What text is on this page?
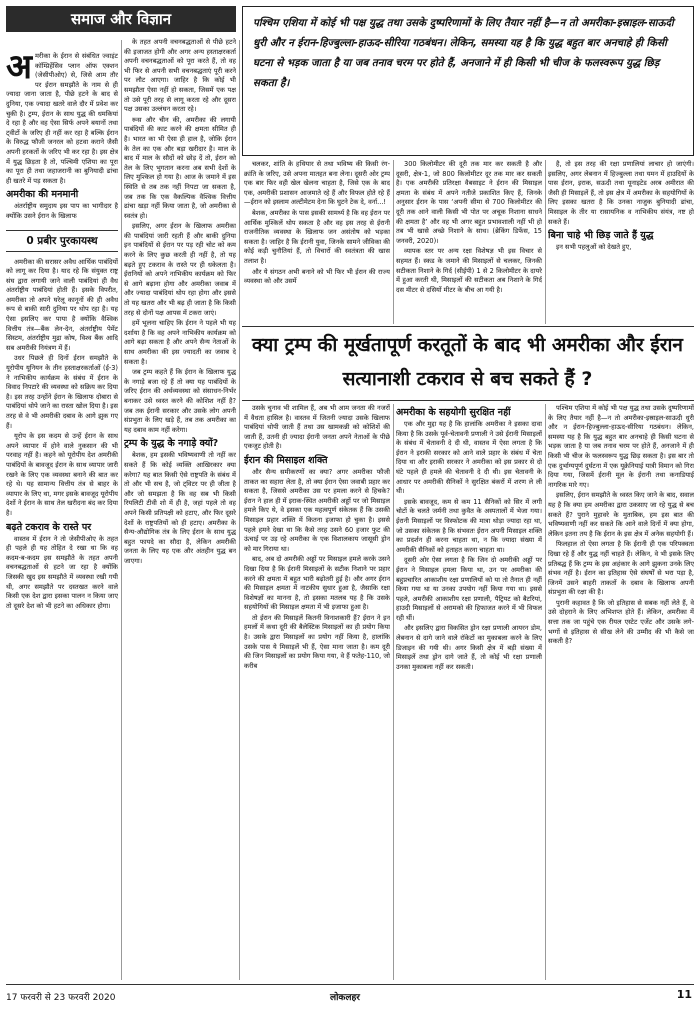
समाज और विज्ञान

अमरीका के ईरान से संबंधित ज्वाइंट कॉम्प्रिहेंसिव प्लान ऑफ एक्शन (जेसीपीओए) से, जिसे आम तौर पर ईरान समझौते के नाम से ही ज्यादा जाना जाता है, पीछे हटने के बाद से दुनिया, एक ज्यादा खतरे वाले दौर में प्रवेश कर चुकी है। ट्रम्प, ईरान के साथ युद्ध की धमकियां दे रहा है और वह ऐसा सिर्फ अपने बयानों तथा ट्वीटों के जरिए ही नहीं कर रहा है बल्कि ईरान के विरुद्ध फौजी जनरल को हटवा कराने जैसी अपनी हरकतों के जरिए भी कर रहा है। इस क्षेत्र में युद्ध छिड़ता है तो, पश्चिमी एशिया का पूरा का पूरा ही तथा जहाजरानी का बुनियादी ढांचा ही खतरे में पड़ सकता है।

अमरीका की मनमानी

अंतर्राष्ट्रीय समुदाय इस पाप का भागीदार है क्योंकि उसने ईरान के खिलाफ

0 प्रबीर पुरकायस्थ

अमरीका की सरासर अवैध आर्थिक पाबंदियों को लागू कर दिया है। याद रहे कि संयुक्त राष्ट्र संघ द्वारा लगायी जाने वाली पाबंदियां ही वैध अंतर्राष्ट्रीय पाबंदियां होती हैं। इसके विपरीत, अमरीका तो अपने घरेलू कानूनों की ही अवैध रूप से बाकी सारी दुनिया पर थोप रहा है। यह ऐसा इसलिए कर पाया है क्योंकि वैश्विक वित्तीय तंत्र—बैंक लेन-देन, अंतर्राष्ट्रीय पेमेंट सिस्टम, अंतर्राष्ट्रीय मुद्रा कोष, विश्व बैंक आदि सब अमरीकी नियंत्रण में हैं।

उधर पिछले ही दिनों ईरान समझौते के यूरोपीय यूनियन के तीन हस्ताक्षरकर्ताओं (ई-3) ने नाभिकीय कार्यक्रम के संबंध में ईरान के विवाद निपटारे की व्यवस्था को सक्रिय कर दिया है। इस तरह उन्होंने ईरान के खिलाफ दोबारा से पाबंदियां थोपे जाने का रास्ता खोल दिया है। इस तरह से वे भी अमरीकी दबाव के आगे झुक गए हैं।

यूरोप के इस कदम से उन्हें ईरान के साथ अपने व्यापार में होने वाले नुकसान की भी परवाह नहीं है। कहने को यूरोपीय देश अमरीकी पाबंदियों के बावजूद ईरान के साथ व्यापार जारी रखने के लिए एक व्यवस्था बनाने की बात कर रहे थे। यह सामान्य वित्तीय तंत्र से बाहर के व्यापार के लिए था, मगर इसके बावजूद यूरोपीय देशों ने ईरान के साथ तेल खरीदना बंद कर दिया है।

बढ़ते टकराव के रास्ते पर

वास्तव में ईरान ने तो जेसीपीओए के तहत ही पहले ही यह तोहित दे रखा था कि वह कदम-ब-कदम इस समझौते के तहत अपनी वचनबद्धताओं से हटने जा रहा है क्योंकि जिसकी खुद इस समझौते में व्यवस्था रखी गयी थी, अगर समझौते पर दस्तखत करने वाले किसी एक देश द्वारा इसका पालन न किया जाए तो दूसरे देश को भी हटने का अधिकार होगा।

के तहत अपनी वचनबद्धताओं से पीछे हटने की इजाजत होगी और अगर अन्य हस्ताक्षरकर्ता अपनी वचनबद्धताओं को पूरा करते हैं, तो वह भी फिर से अपनी सभी वचनबद्धताएं पूरी करने पर लौट आएगा। जाहिर है कि कोई भी समझौता ऐसा नहीं हो सकता, जिसमें एक पक्ष तो उसे पूरी तरह से लागू करता रहे और दूसरा पक्ष उसका उल्लंघन करता रहे।

रूस और चीन की, अमरीका की लगायी पाबंदियों की काट करने की क्षमता सीमित ही है। भारत का भी ऐसा ही हाल है, जोकि ईरान के तेल का एक और बड़ा खरीदार है। माल के बाद में माल के सौदों को छोड़ दें तो, ईरान को तेल के लिए भुगतान करना अब सभी देशों के लिए मुश्किल हो गया है। आज के जमाने में इस स्थिति से तब तक नहीं निपटा जा सकता है, जब तक कि एक वैकल्पिक वैश्विक वित्तीय ढांचा खड़ा नहीं किया जाता है, जो अमरीका से स्वतंत्र हो।

इसलिए, अगर ईरान के खिलाफ अमरीका की पाबंदियां जारी रहती हैं और बाकी दुनिया इन पाबंदियों से ईरान पर पड़ रही चोट को कम करने के लिए कुछ करती ही नहीं है, तो यह बढ़ते हुए टकराव के रास्ते पर ही धकेलता है। ईरानियों को अपने नाभिकीय कार्यक्रम को फिर से आगे बढ़ाना होगा और अमरीका जवाब में और ज्यादा पाबंदियां थोप रहा होगा और इससे तो यह खतरा और भी बढ़ ही जाता है कि किसी तरह से दोनों पक्ष आपस में टकरा जाएं।

हमें भूलना चाहिए कि ईरान ने पहले भी यह दर्शाया है कि वह अपने नाभिकीय कार्यक्रम को आगे बढ़ा सकता है और अपने सैन्य नेताओं के साथ अमरीका की इस ज्यादती का जवाब दे सकता है।

जब ट्रम्प कहते हैं कि ईरान के खिलाफ युद्ध के नगाड़े बजा रहे हैं तो क्या यह पाबंदियों के जरिए ईरान की अर्थव्यवस्था को संसाधन-निर्भर बनाकर उसे ध्वस्त करने की कोशिश नहीं है? जब तक ईरानी सरकार और उसके लोग अपनी संप्रभुता के लिए खड़े हैं, तब तक अमरीका का यह दबाव काम नहीं करेगा।

ट्रम्प के युद्ध के नगाड़े क्यों?

बेशक, हम इसकी भविष्यवाणी तो नहीं कर सकते हैं कि कोई व्यक्ति आखिरकार क्या करेगा? यह बात किसी ऐसे राष्ट्रपति के संबंध में तो और भी सच है, जो ट्विटर पर ही जीता है और जो समझता है कि वह सब भी किसी रियलिटी टीवी शो में ही है, जहां पहले तो वह अपने किसी प्रतिपक्षी को हटाए, और फिर दूसरे देशों के राष्ट्रपतियों को ही हटाए। अमरीका के सैन्य-औद्योगिक तंत्र के लिए ईरान के साथ युद्ध बहुत फायदे का सौदा है, लेकिन अमरीकी जनता के लिए यह एक और अंतहीन युद्ध बन जाएगा।

पश्चिम एशिया में कोई भी पक्ष युद्ध तथा उसके दुष्परिणामों के लिए तैयार नहीं है—न तो अमरीका-इस्राइल-साऊदी धुरी और न ईरान-हिज्बुल्ला-हाऊद-सीरिया गठबंधन। लेकिन, समस्या यह है कि युद्ध बहुत बार अनचाहे ही किसी घटना से भड़क जाता है या जब तनाव चरम पर होते हैं, अनजाने में ही किसी भी चीज के फलस्वरूप युद्ध छिड़ सकता है।

चलकर, शांति के हथियार से तथा भविष्य की किसी रंग-क्रांति के जरिए, उसे अपना मातहत बना लेना। दूसरी ओर ट्रम्प एक बार फिर वही खेल खेलना चाहता है, जिसे एक के बाद एक, अमरीकी प्रशासन आजमाते रहे हैं और विफल होते रहे हैं—ईरान को इस्लाम अल्टीमेटम देना कि घुटने टेक दे, वर्ना...!

बेशक, अमरीका के पास इसकी सामर्थ्य है कि वह ईरान पर आर्थिक मुश्किलें थोप सकता है और वह इस तरह से ईरानी राजनीतिक व्यवस्था के खिलाफ जन असंतोष को भड़का सकता है। जाहिर है कि ईरानी युवा, जिनके सामने जीविका की कोई कड़ी चुनौतियां हैं, तो विचारों की स्वतंत्रता की खास तलाश है।

और ये संगठन अभी बनाने को भी फिर भी ईरान की राज्य व्यवस्था को और उसमें

300 किलोमीटर की दूरी तक मार कर सकती है और दूसरी, क्षेत्र-1, जो 800 किलोमीटर दूर तक मार कर सकती है। एक अमरीकी प्रतिरक्षा वैबसाइट ने ईरान की मिसाइल क्षमता के संबंध में अपने नतीजे प्रकाशित किए हैं, जिनके अनुसार ईरान के पास ‘अपनी सीमा से 700 किलोमीटर की दूरी तक आने वाली किसी भी पोत पर अचूक निशाना साधने की क्षमता है’ और वह भी अगर बहुत प्रभावशाली नहीं भी हो तब भी खासे अच्छे निशाने के साथ। (ब्रेकिंग डिफेंस, 15 जनवरी, 2020)।

व्यापक स्तर पर अन्य रक्षा विशेषज्ञ भी इस विचार से सहमत हैं। स्कड के जमाने की मिसाइलों से चलकर, जिनकी सटीकता निशाने के गिर्द (सीईपी) 1 से 2 किलोमीटर के दायरे में हुआ करती थी, मिसाइलों की सटीकता अब निशाने के गिर्द दस मीटर से दसियों मीटर के बीच आ गयी है।

है, तो इस तरह की रक्षा प्रणालियां लाचार हो जाएंगी। इसलिए, अगर लेबनान में हिज्बुल्ला तथा यमन में हाउदियों के पास ईरान, इराक, सऊदी तथा यूनाइटेड अरब अमीरात की जैसी ही मिसाइलें हैं, तो इस क्षेत्र में अमरीका के सहयोगियों के लिए इसका खतरा है कि उनका नाजुक बुनियादी ढांचा, मिसाइल के तीर या रासायनिक व नाभिकीय संयंत्र, नष्ट हो सकते हैं।

बिना चाहे भी छिड़ जाते हैं युद्ध

इन सभी पहलुओं को देखते हुए,

क्या ट्रम्प की मूर्खतापूर्ण करतूतों के बाद भी अमरीका और ईरान सत्यानाशी टकराव से बच सकते हैं ?

उसके चुनाव भी शामिल हैं, अब भी आम जनता की नजरों में वैधता हासिल है। वास्तव में जितनी ज्यादा उसके खिलाफ पाबंदियां थोपी जाती हैं तथा उस खामकन्नी को कोशिशें की जाती हैं, उतनी ही ज्यादा ईरानी जनता अपने नेताओं के पीछे एकजुट होती है।

ईरान की मिसाइल शक्ति

और सैन्य समीकरणों का क्या? अगर अमरीका फौजी ताकत का सहारा लेता है, तो क्या ईरान ऐसा जवाबी प्रहार कर सकता है, जिससे अमरीका उस पर हमला करने से हिचके? ईरान ने हाल ही में इराक-स्थित अमरीकी अड्डों पर जो मिसाइल हमले किए थे, वे इसका एक महत्वपूर्ण संकेतक हैं कि उसकी मिसाइल प्रहार शक्ति में कितना इजाफा हो चुका है। इससे पहले हमने देखा था कि कैसे तरह उसने 60 हजार फुट की ऊंचाई पर उड़ रहे अमरीका के एक विशालकाय जासूसी ड्रोन को मार गिराया था।

बाद, अब दो अमरीकी अड्डों पर मिसाइल हमले करके उसने दिखा दिया है कि ईरानी मिसाइलों के सटीक निशाने पर प्रहार करने की क्षमता में बहुत भारी बढ़ोतरी हुई है। और अगर ईरान की मिसाइल क्षमता में नाटकीय सुधार हुआ है, जैसाकि रक्षा विशेषज्ञों का मानना है, तो इसका मतलब यह है कि उसके सहयोगियों की मिसाइल क्षमता में भी इजाफा हुआ है।

तो ईरान की मिसाइलें कितनी विनाशकारी हैं? ईरान ने इन हमलों में कथा दूरी की बैलेस्टिक मिसाइलों का ही प्रयोग किया है। उसके द्वारा मिसाइलों का प्रयोग नहीं किया है, हालांकि उसके पास ये मिसाइलें भी हैं, ऐसा माना जाता है। कम दूरी की जिन मिसाइलों का प्रयोग किया गया, वे हैं फतेह-110, जो करीब

अमरीका के सहयोगी सुरक्षित नहीं

एक और मुद्दा यह है कि हालांकि अमरीका ने इसका दावा किया है कि उसके पूर्व-चेतावनी प्रणाली ने उसे ईरानी मिसाइलों के संबंध में चेतावनी दे दी थी, वास्तव में ऐसा लगता है कि ईरान ने इराकी सरकार को आने वाले प्रहार के संबंध में चेता दिया था और इराकी सरकार ने अमरीका को इस प्रकार से दो घंटे पहले ही हमले की चेतावनी दे दी थी। इस चेतावनी के आधार पर अमरीकी सैनिकों ने सुरक्षित बंकरों में शरण ले ली थी।

इसके बावजूद, कम से कम 11 सैनिकों को सिर में लगी चोटों के चलते जर्मनी तथा कुवैत के अस्पतालों में भेजा गया। ईरानी मिसाइलों पर विस्फोटक की मात्रा थोड़ा ज्यादा रहा था, जो उसका संकेतक है कि संभवतः ईरान अपनी मिसाइल शक्ति का प्रदर्शन ही करना चाहता था, न कि ज्यादा संख्या में अमरीकी सैनिकों को हताहत करना चाहता था।

दूसरी ओर ऐसा लगता है कि जिन दो अमरीकी अड्डों पर ईरान ने मिसाइल हमला किया था, उन पर अमरीका की बहुप्रचारित आकाशीय रक्षा प्रणालियों को या तो तैनात ही नहीं किया गया था या उनका उपयोग नहीं किया गया था। इससे पहले, अमरीकी आकाशीय रक्षा प्रणाली, पैट्रियट को बैटरियां, हाउदी मिसाइलों से अरामको की हिफाजत करने में भी विफल रही थीं।

और इसलिए द्वारा विकसित ड्रोन रक्षा प्रणाली आयरन डोम, लेबनान से दागे जाने वाले रॉकेटों का मुकाबला करने के लिए डिजाइन की गयी थी। अगर किसी क्षेत्र में बड़ी संख्या में मिसाइलें तथा ड्रोन दागे जाते हैं, तो कोई भी रक्षा प्रणाली उनका मुकाबला नहीं कर सकती।

पश्चिम एशिया में कोई भी पक्ष युद्ध तथा उसके दुष्परिणामों के लिए तैयार नहीं है—न तो अमरीका-इस्राइल-साऊदी धुरी और न ईरान-हिज्बुल्ला-हाऊद-सीरिया गठबंधन। लेकिन, समस्या यह है कि युद्ध बहुत बार अनचाहे ही किसी घटना से भड़क जाता है या जब तनाव चरम पर होते हैं, अनजाने में ही किसी भी चीज के फलस्वरूप युद्ध छिड़ सकता है। इस बार तो एक दुर्भाग्यपूर्ण दुर्घटना में एक यूक्रेनियाई यात्री विमान को गिरा दिया गया, जिसमें ईरानी मूल के ईरानी तथा कनाडियाई नागरिक मारे गए।

इसलिए, ईरान समझौते के ध्वस्त किए जाने के बाद, सवाल यह है कि क्या हम अमरीका द्वारा उकसाए जा रहे युद्ध से बच सकते हैं? पुराने मुहावरे के मुताबिक, हम इस बात की भविष्यवाणी नहीं कर सकते कि आने वाले दिनों में क्या होगा, लेकिन इतना तय है कि ईरान के इस क्षेत्र में अनेक सहयोगी हैं।

फिलहाल तो ऐसा लगता है कि ईरानी ही एक परिपक्वता दिखा रहे हैं और युद्ध नहीं चाहते हैं। लेकिन, वे भी इसके लिए प्रतिबद्ध हैं कि ट्रम्प के इस अहंकार के आगे झुकना उनके लिए संभव नहीं है। ईरान का इतिहास ऐसे संघर्षों से भरा पड़ा है, जिनमें उसने बाहरी ताकतों के दबाव के खिलाफ अपनी संप्रभुता की रक्षा की है।

पुरानी कहावत है कि जो इतिहास से सबक नहीं लेते हैं, वे उसे दोहराने के लिए अभिशप्त होते हैं। लेकिन, अमरीका में सत्ता तक जा पहुंचे एक रीयल एस्टेट एजेंट और उसके लगे-भग्गों से इतिहास से सीख लेने की उम्मीद की भी कैसे जा सकती है?

17 फरवरी से 23 फरवरी 2020	लोकलहर	11
